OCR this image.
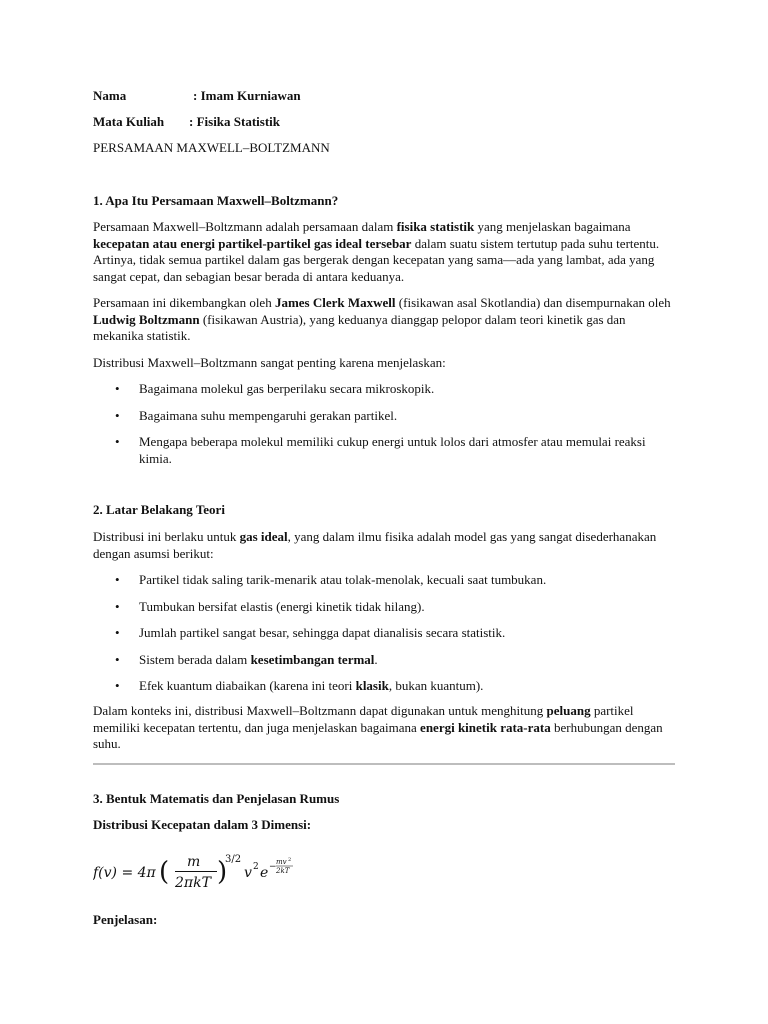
Nama	: Imam Kurniawan
Mata Kuliah : Fisika Statistik
PERSAMAAN MAXWELL–BOLTZMANN
1. Apa Itu Persamaan Maxwell–Boltzmann?

Persamaan Maxwell–Boltzmann adalah persamaan dalam fisika statistik yang menjelaskan bagaimana kecepatan atau energi partikel-partikel gas ideal tersebar dalam suatu sistem tertutup pada suhu tertentu. Artinya, tidak semua partikel dalam gas bergerak dengan kecepatan yang sama—ada yang lambat, ada yang sangat cepat, dan sebagian besar berada di antara keduanya.

Persamaan ini dikembangkan oleh James Clerk Maxwell (fisikawan asal Skotlandia) dan disempurnakan oleh Ludwig Boltzmann (fisikawan Austria), yang keduanya dianggap pelopor dalam teori kinetik gas dan mekanika statistik.

Distribusi Maxwell–Boltzmann sangat penting karena menjelaskan:

• Bagaimana molekul gas berperilaku secara mikroskopik.
• Bagaimana suhu mempengaruhi gerakan partikel.
• Mengapa beberapa molekul memiliki cukup energi untuk lolos dari atmosfer atau memulai reaksi kimia.
2. Latar Belakang Teori

Distribusi ini berlaku untuk gas ideal, yang dalam ilmu fisika adalah model gas yang sangat disederhanakan dengan asumsi berikut:

• Partikel tidak saling tarik-menarik atau tolak-menolak, kecuali saat tumbukan.
• Tumbukan bersifat elastis (energi kinetik tidak hilang).
• Jumlah partikel sangat besar, sehingga dapat dianalisis secara statistik.
• Sistem berada dalam kesetimbangan termal.
• Efek kuantum diabaikan (karena ini teori klasik, bukan kuantum).

Dalam konteks ini, distribusi Maxwell–Boltzmann dapat digunakan untuk menghitung peluang partikel memiliki kecepatan tertentu, dan juga menjelaskan bagaimana energi kinetik rata-rata berhubungan dengan suhu.

3. Bentuk Matematis dan Penjelasan Rumus
Distribusi Kecepatan dalam 3 Dimensi:
f(v) = 4π ( m
2πkT )
3/2
v 2 e − mv 2
2kT
Penjelasan:
